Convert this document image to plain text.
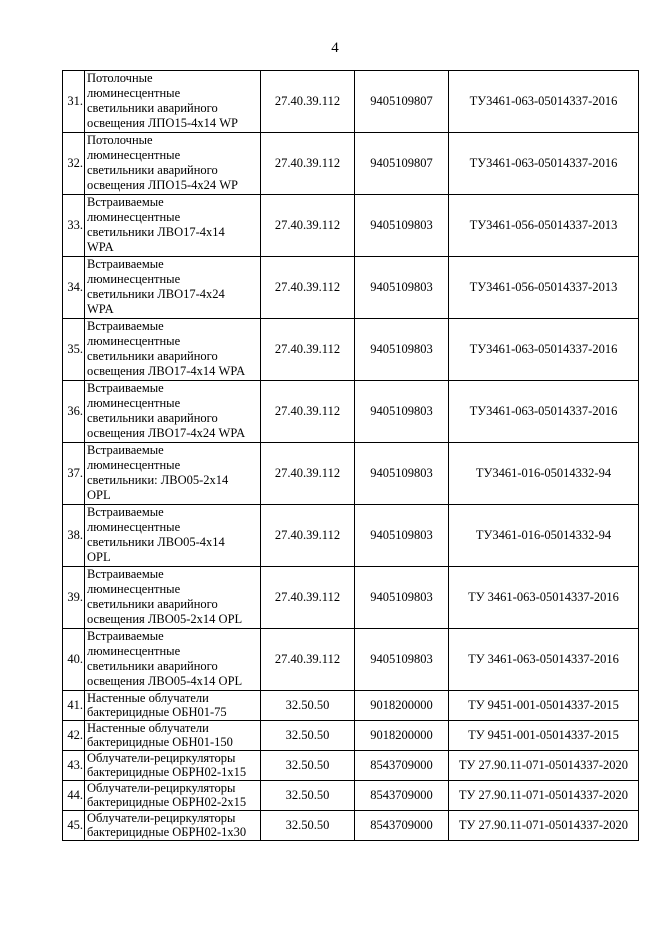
4
31.	Потолочные
люминесцентные
светильники аварийного
освещения ЛПО15-4х14 WP	27.40.39.112	9405109807	ТУ3461-063-05014337-2016
32.	Потолочные
люминесцентные
светильники аварийного
освещения ЛПО15-4х24 WP	27.40.39.112	9405109807	ТУ3461-063-05014337-2016
33.	Встраиваемые
люминесцентные
светильники ЛВО17-4х14
WPA	27.40.39.112	9405109803	ТУ3461-056-05014337-2013
34.	Встраиваемые
люминесцентные
светильники ЛВО17-4х24
WPA	27.40.39.112	9405109803	ТУ3461-056-05014337-2013
35.	Встраиваемые
люминесцентные
светильники аварийного
освещения ЛВО17-4х14 WPA	27.40.39.112	9405109803	ТУ3461-063-05014337-2016
36.	Встраиваемые
люминесцентные
светильники аварийного
освещения ЛВО17-4х24 WPA	27.40.39.112	9405109803	ТУ3461-063-05014337-2016
37.	Встраиваемые
люминесцентные
светильники: ЛВО05-2х14
OPL	27.40.39.112	9405109803	ТУ3461-016-05014332-94
38.	Встраиваемые
люминесцентные
светильники ЛВО05-4х14
OPL	27.40.39.112	9405109803	ТУ3461-016-05014332-94
39.	Встраиваемые
люминесцентные
светильники аварийного
освещения ЛВО05-2х14 OPL	27.40.39.112	9405109803	ТУ 3461-063-05014337-2016
40.	Встраиваемые
люминесцентные
светильники аварийного
освещения ЛВО05-4х14 OPL	27.40.39.112	9405109803	ТУ 3461-063-05014337-2016
41.	Настенные облучатели
бактерицидные ОБН01-75	32.50.50	9018200000	ТУ 9451-001-05014337-2015
42.	Настенные облучатели
бактерицидные ОБН01-150	32.50.50	9018200000	ТУ 9451-001-05014337-2015
43.	Облучатели-рециркуляторы
бактерицидные ОБРН02-1х15	32.50.50	8543709000	ТУ 27.90.11-071-05014337-2020
44.	Облучатели-рециркуляторы
бактерицидные ОБРН02-2х15	32.50.50	8543709000	ТУ 27.90.11-071-05014337-2020
45.	Облучатели-рециркуляторы
бактерицидные ОБРН02-1х30	32.50.50	8543709000	ТУ 27.90.11-071-05014337-2020
